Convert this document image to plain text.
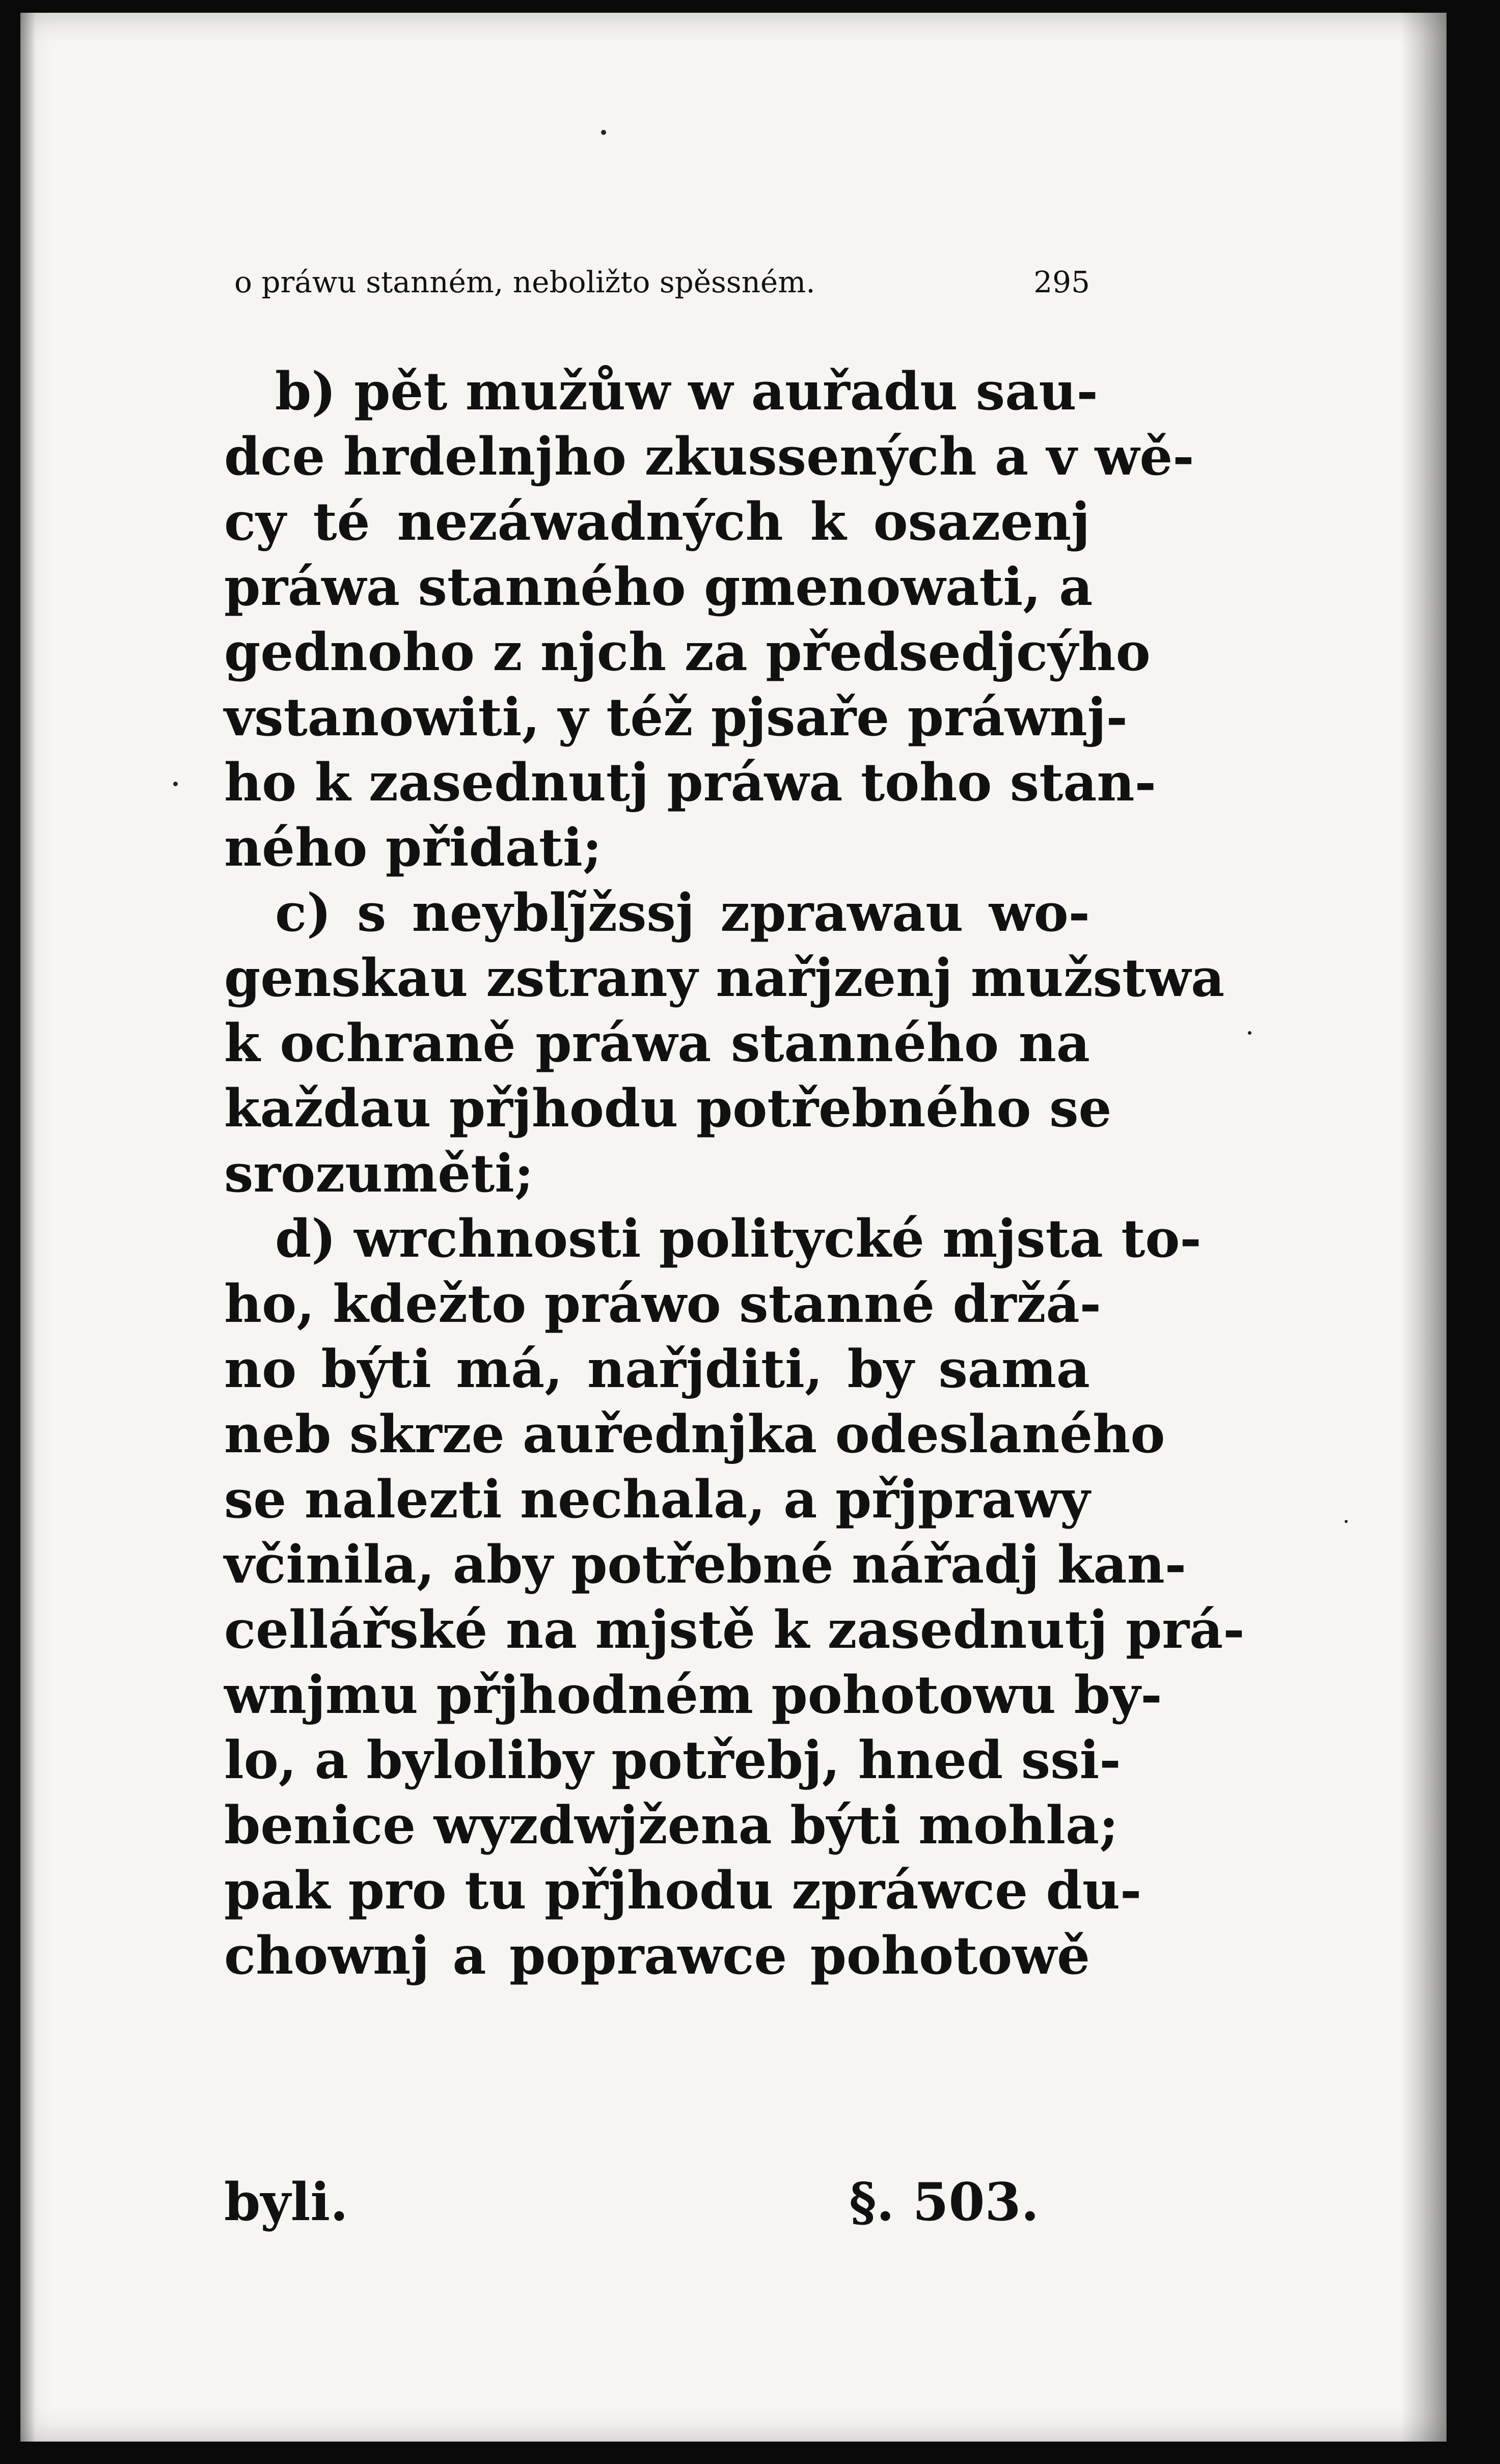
o práwu stanném, neboližto spěssném.	295
b) pět mužůw w auřadu sau-
dce hrdelnjho zkussených a v wě-
cy té nezáwadných k osazenj
práwa stanného gmenowati, a
gednoho z njch za předsedjcýho
vstanowiti, y též pjsaře práwnj-
ho k zasednutj práwa toho stan-
ného přidati;
c) s neyblj̃žssj zprawau wo-
genskau zstrany nařjzenj mužstwa
k ochraně práwa stanného na
každau přjhodu potřebného se
srozuměti;
d) wrchnosti politycké mjsta to-
ho, kdežto práwo stanné držá-
no býti má, nařjditi, by sama
neb skrze auřednjka odeslaného
se nalezti nechala, a přjprawy
včinila, aby potřebné nářadj kan-
cellářské na mjstě k zasednutj prá-
wnjmu přjhodném pohotowu by-
lo, a byloliby potřebj, hned ssi-
benice wyzdwjžena býti mohla;
pak pro tu přjhodu zpráwce du-
chownj a poprawce pohotowě
byli.	§. 503.
